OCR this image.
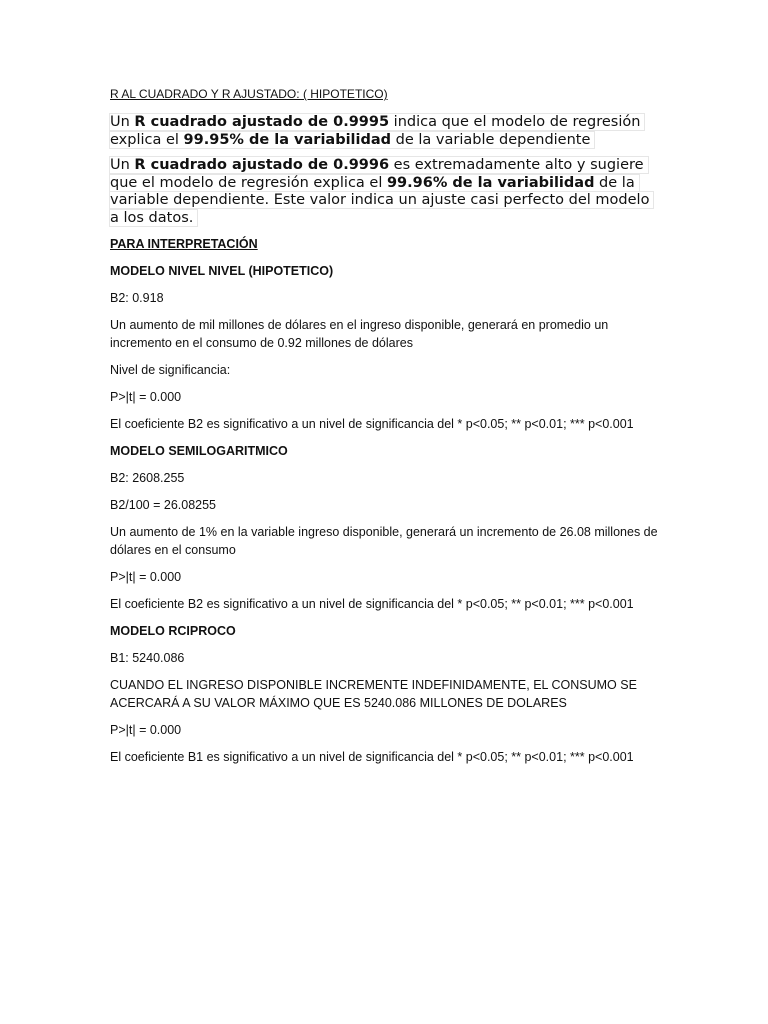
R AL CUADRADO Y R AJUSTADO: ( HIPOTETICO)
Un R cuadrado ajustado de 0.9995 indica que el modelo de regresión explica el 99.95% de la variabilidad de la variable dependiente
Un R cuadrado ajustado de 0.9996 es extremadamente alto y sugiere que el modelo de regresión explica el 99.96% de la variabilidad de la variable dependiente. Este valor indica un ajuste casi perfecto del modelo a los datos.
PARA INTERPRETACIÓN
MODELO NIVEL NIVEL (HIPOTETICO)

B2: 0.918

Un aumento de mil millones de dólares en el ingreso disponible, generará en promedio un incremento en el consumo de 0.92 millones de dólares

Nivel de significancia:

P>|t| = 0.000

El coeficiente B2 es significativo a un nivel de significancia del * p<0.05; ** p<0.01; *** p<0.001

MODELO SEMILOGARITMICO

B2: 2608.255

B2/100 = 26.08255

Un aumento de 1% en la variable ingreso disponible, generará un incremento de 26.08 millones de dólares en el consumo

P>|t| = 0.000

El coeficiente B2 es significativo a un nivel de significancia del * p<0.05; ** p<0.01; *** p<0.001

MODELO RCIPROCO

B1: 5240.086

CUANDO EL INGRESO DISPONIBLE INCREMENTE INDEFINIDAMENTE, EL CONSUMO SE ACERCARÁ A SU VALOR MÁXIMO QUE ES 5240.086 MILLONES DE DOLARES

P>|t| = 0.000

El coeficiente B1 es significativo a un nivel de significancia del * p<0.05; ** p<0.01; *** p<0.001
